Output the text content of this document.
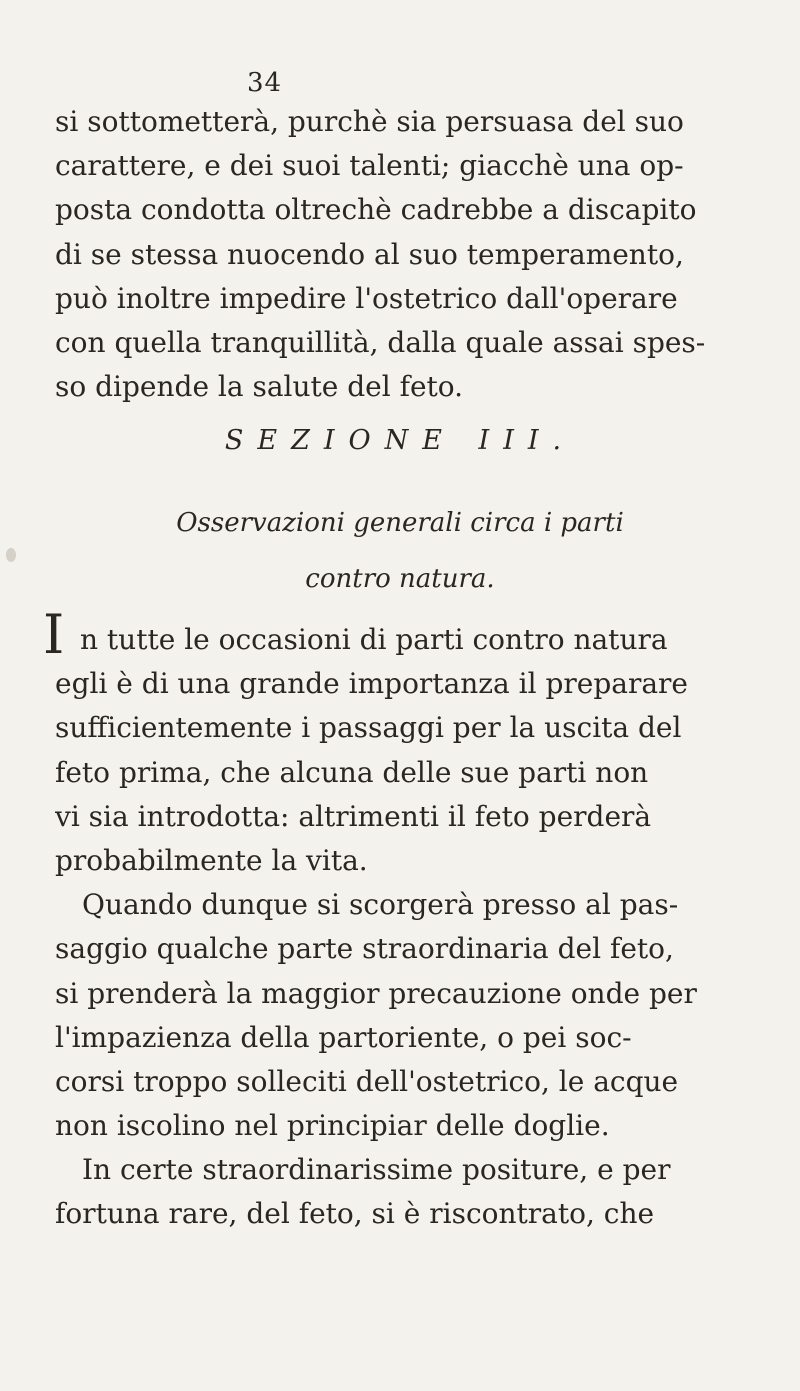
34
si sottometterà, purchè sia persuasa del suo
carattere, e dei suoi talenti; giacchè una op-
posta condotta oltrechè cadrebbe a discapito
di se stessa nuocendo al suo temperamento,
può inoltre impedire l'ostetrico dall'operare
con quella tranquillità, dalla quale assai spes-
so dipende la salute del feto.
SEZIONE III.
Osservazioni generali circa i parti
contro natura.
I n tutte le occasioni di parti contro natura
egli è di una grande importanza il preparare
sufficientemente i passaggi per la uscita del
feto prima, che alcuna delle sue parti non
vi sia introdotta: altrimenti il feto perderà
probabilmente la vita.
Quando dunque si scorgerà presso al pas-
saggio qualche parte straordinaria del feto,
si prenderà la maggior precauzione onde per
l'impazienza della partoriente, o pei soc-
corsi troppo solleciti dell'ostetrico, le acque
non iscolino nel principiar delle doglie.
In certe straordinarissime positure, e per
fortuna rare, del feto, si è riscontrato, che
